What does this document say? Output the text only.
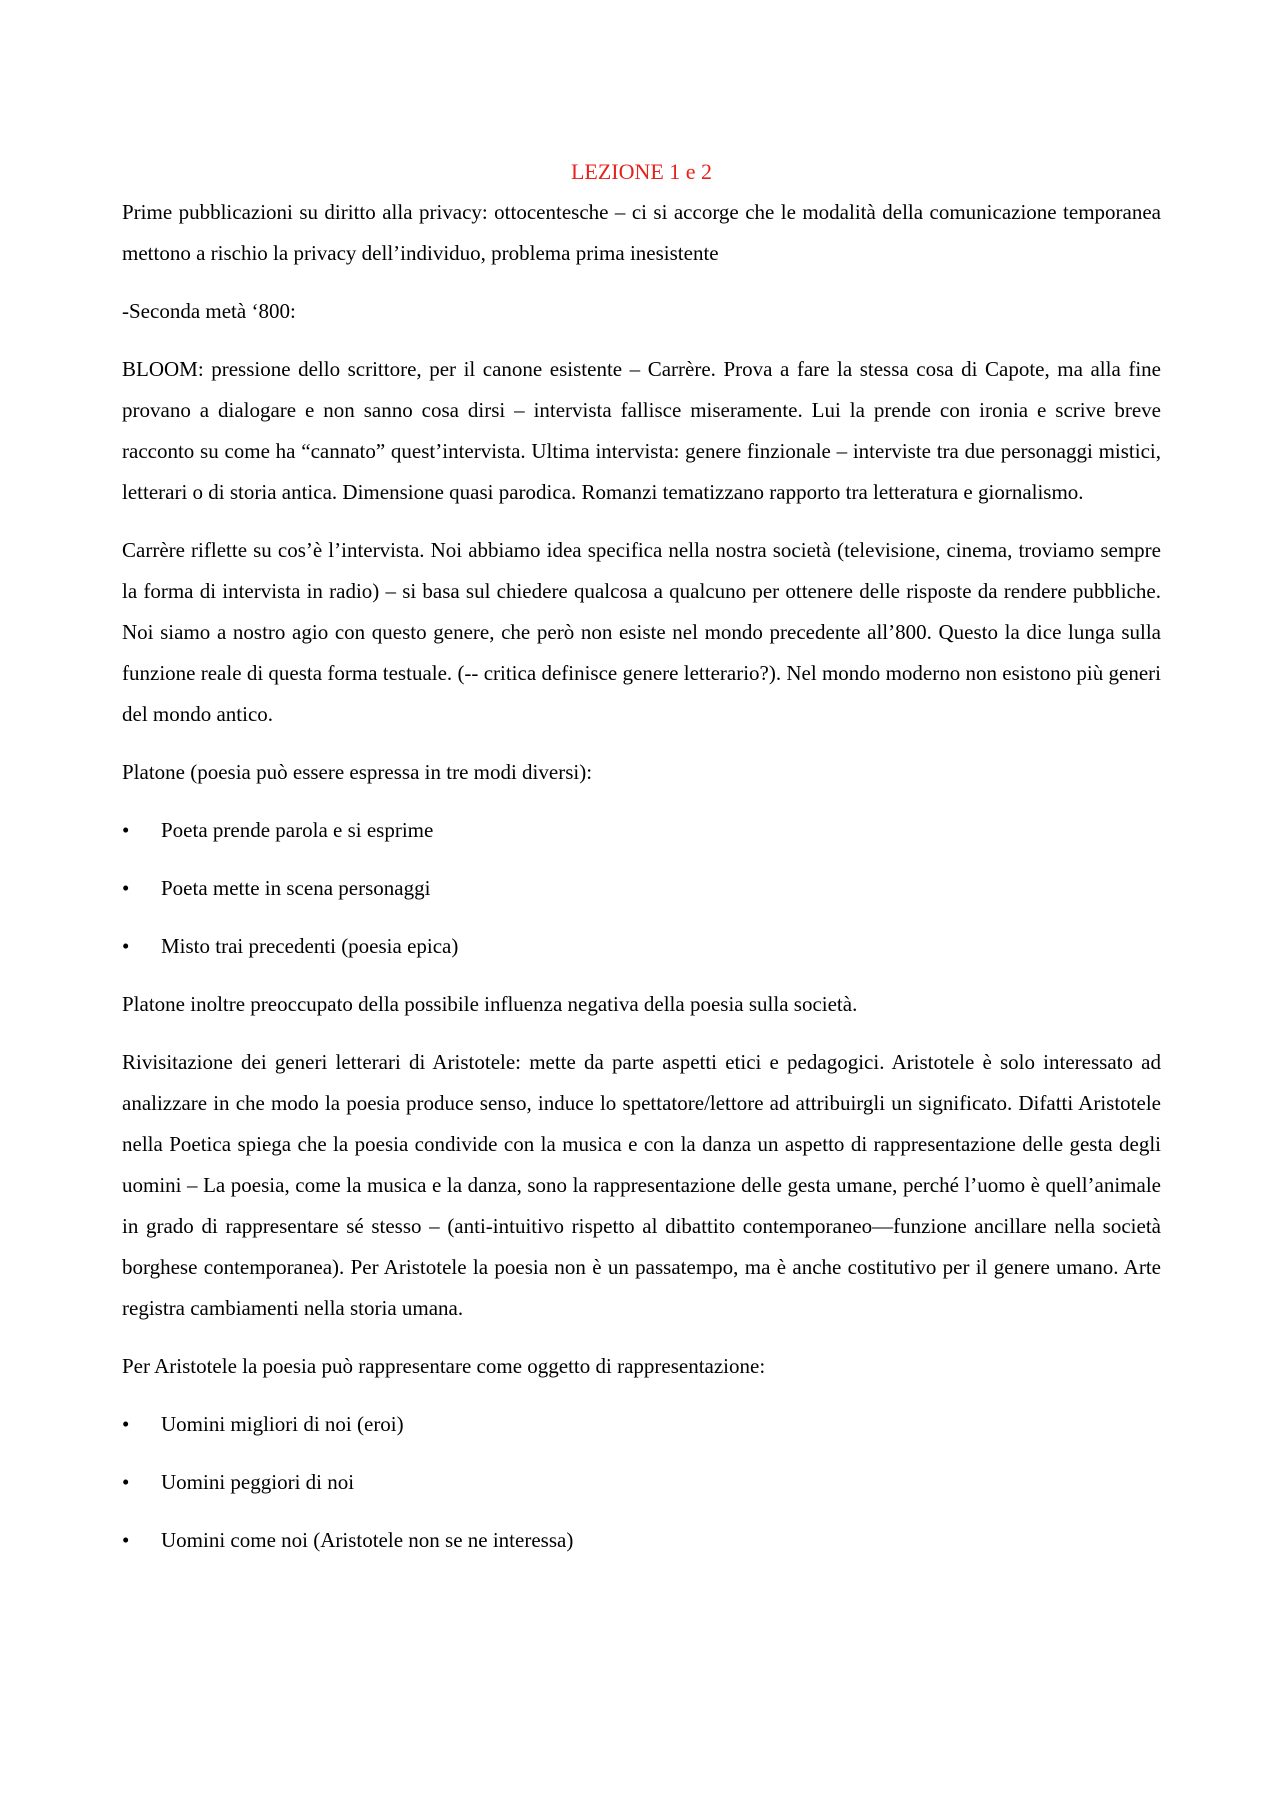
LEZIONE 1 e 2

Prime pubblicazioni su diritto alla privacy: ottocentesche – ci si accorge che le modalità della comunicazione temporanea mettono a rischio la privacy dell’individuo, problema prima inesistente

-Seconda metà ‘800:

BLOOM: pressione dello scrittore, per il canone esistente – Carrère. Prova a fare la stessa cosa di Capote, ma alla fine provano a dialogare e non sanno cosa dirsi – intervista fallisce miseramente. Lui la prende con ironia e scrive breve racconto su come ha “cannato” quest’intervista. Ultima intervista: genere finzionale – interviste tra due personaggi mistici, letterari o di storia antica. Dimensione quasi parodica. Romanzi tematizzano rapporto tra letteratura e giornalismo.

Carrère riflette su cos’è l’intervista. Noi abbiamo idea specifica nella nostra società (televisione, cinema, troviamo sempre la forma di intervista in radio) – si basa sul chiedere qualcosa a qualcuno per ottenere delle risposte da rendere pubbliche. Noi siamo a nostro agio con questo genere, che però non esiste nel mondo precedente all’800. Questo la dice lunga sulla funzione reale di questa forma testuale. (-- critica definisce genere letterario?). Nel mondo moderno non esistono più generi del mondo antico.

Platone (poesia può essere espressa in tre modi diversi):

• Poeta prende parola e si esprime
• Poeta mette in scena personaggi
• Misto trai precedenti (poesia epica)

Platone inoltre preoccupato della possibile influenza negativa della poesia sulla società.

Rivisitazione dei generi letterari di Aristotele: mette da parte aspetti etici e pedagogici. Aristotele è solo interessato ad analizzare in che modo la poesia produce senso, induce lo spettatore/lettore ad attribuirgli un significato. Difatti Aristotele nella Poetica spiega che la poesia condivide con la musica e con la danza un aspetto di rappresentazione delle gesta degli uomini – La poesia, come la musica e la danza, sono la rappresentazione delle gesta umane, perché l’uomo è quell’animale in grado di rappresentare sé stesso – (anti-intuitivo rispetto al dibattito contemporaneo—funzione ancillare nella società borghese contemporanea). Per Aristotele la poesia non è un passatempo, ma è anche costitutivo per il genere umano. Arte registra cambiamenti nella storia umana.

Per Aristotele la poesia può rappresentare come oggetto di rappresentazione:

• Uomini migliori di noi (eroi)
• Uomini peggiori di noi
• Uomini come noi (Aristotele non se ne interessa)
